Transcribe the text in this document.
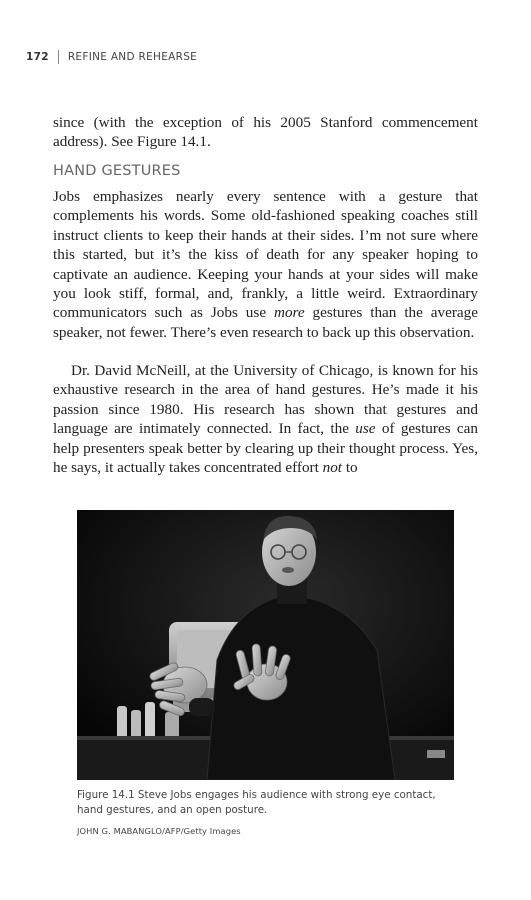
172 REFINE AND REHEARSE

since (with the exception of his 2005 Stanford commencement address). See Figure 14.1.

HAND GESTURES

Jobs emphasizes nearly every sentence with a gesture that complements his words. Some old-fashioned speaking coaches still instruct clients to keep their hands at their sides. I’m not sure where this started, but it’s the kiss of death for any speaker hoping to captivate an audience. Keeping your hands at your sides will make you look stiff, formal, and, frankly, a little weird. Extraordinary communicators such as Jobs use more gestures than the average speaker, not fewer. There’s even research to back up this observation.

Dr. David McNeill, at the University of Chicago, is known for his exhaustive research in the area of hand gestures. He’s made it his passion since 1980. His research has shown that gestures and language are intimately connected. In fact, the use of gestures can help presenters speak better by clearing up their thought process. Yes, he says, it actually takes concentrated effort not to

Figure 14.1 Steve Jobs engages his audience with strong eye contact, hand gestures, and an open posture.

JOHN G. MABANGLO/AFP/Getty Images
